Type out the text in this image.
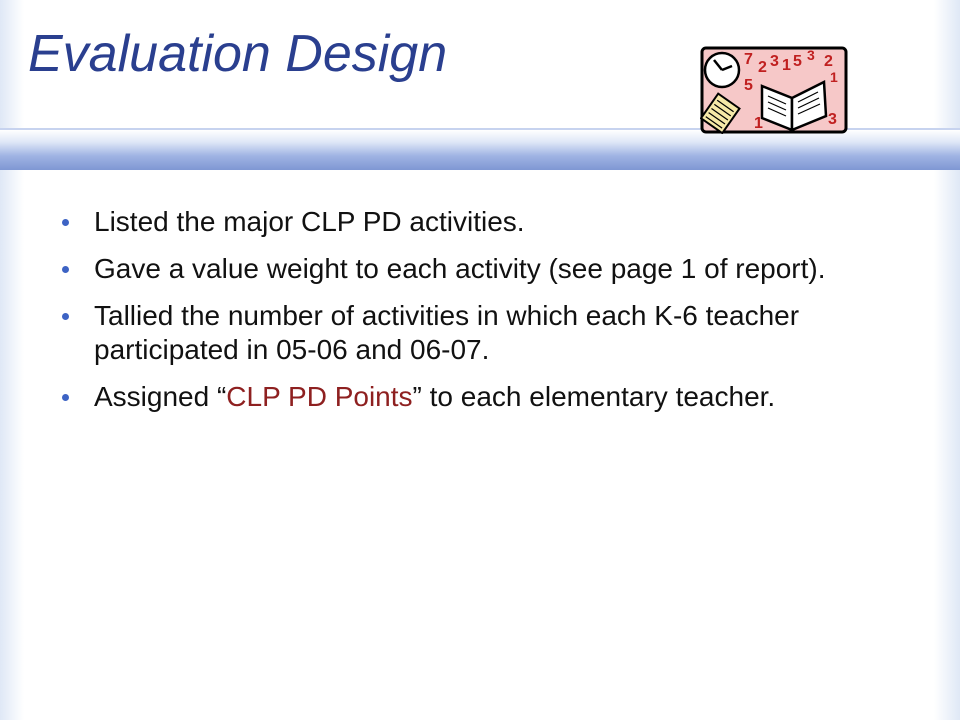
Evaluation Design	7 2 3 1 5 3 2
5	1
1	3
Listed the major CLP PD activities.
Gave a value weight to each activity (see page 1 of report).
Tallied the number of activities in which each K-6 teacher participated in 05-06 and 06-07.
Assigned “CLP PD Points” to each elementary teacher.
